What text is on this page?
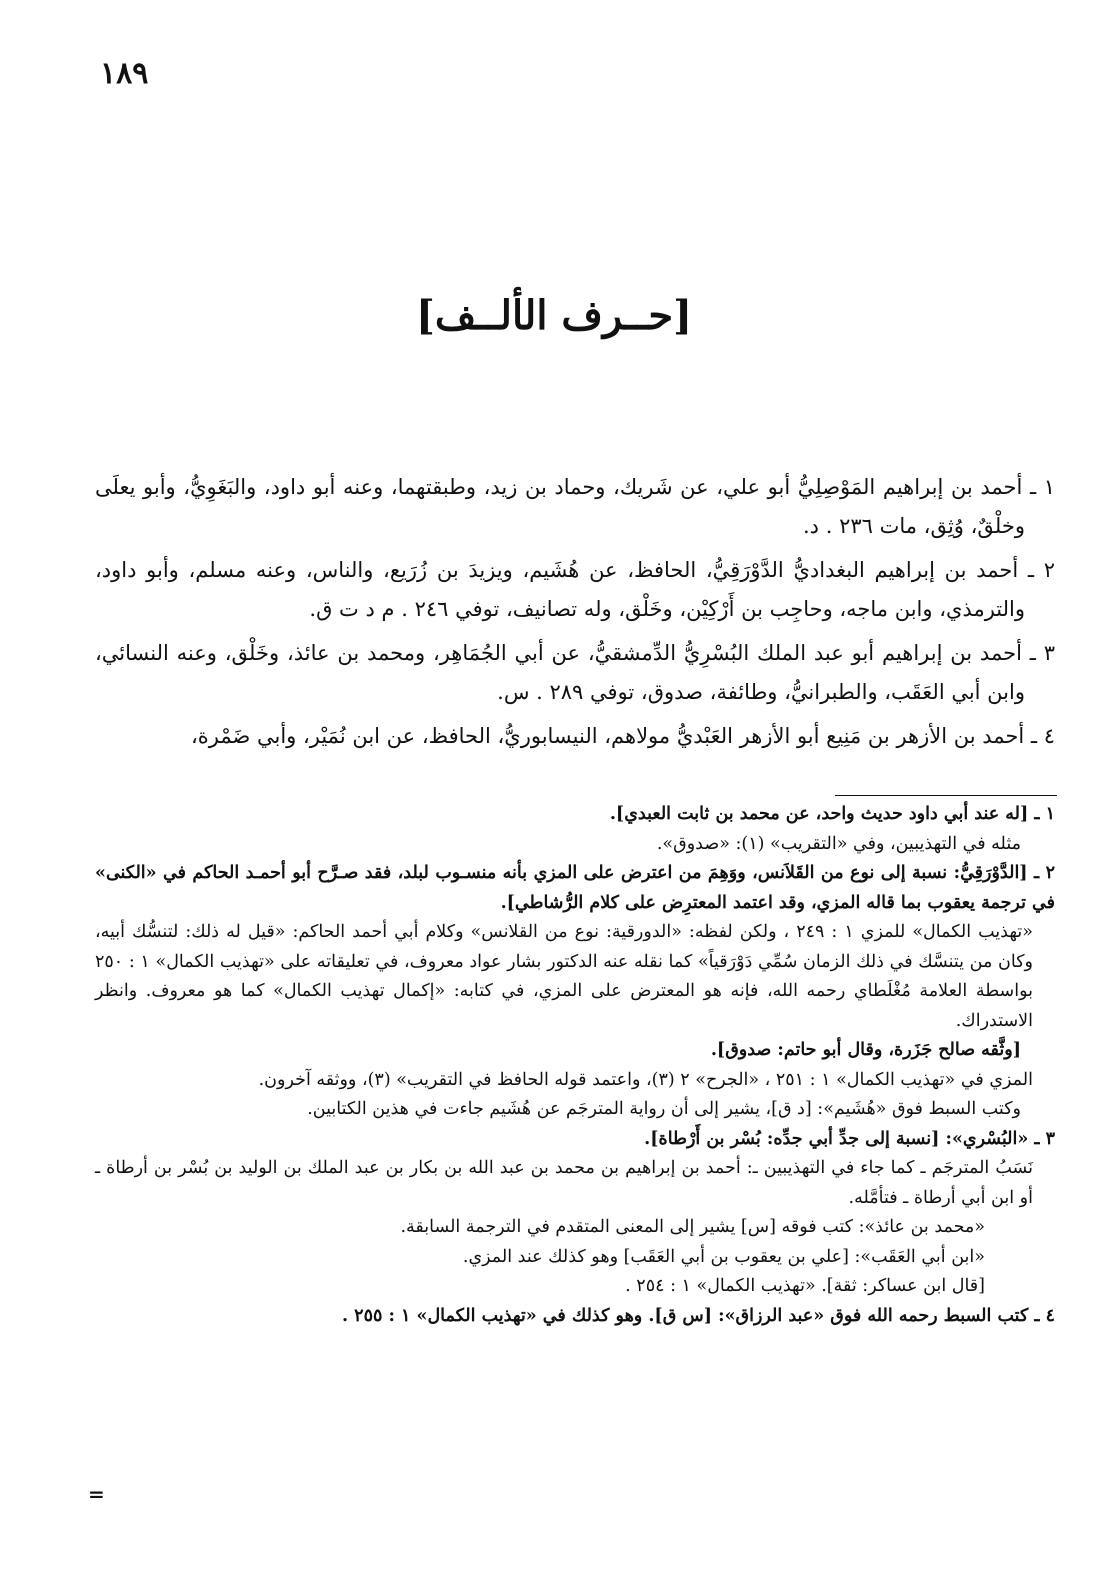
١٨٩
[حــرف الألــف]

١ ـ أحمد بن إبراهيم المَوْصِلِيُّ أبو علي، عن شَريك، وحماد بن زيد، وطبقتهما، وعنه أبو داود، والبَغَوِيُّ، وأبو يعلَى وخلْقٌ، وُثِق، مات ٢٣٦ . د.

٢ ـ أحمد بن إبراهيم البغداديُّ الدَّوْرَقِيُّ، الحافظ، عن هُشَيم، ويزيدَ بن زُرَيع، والناس، وعنه مسلم، وأبو داود، والترمذي، وابن ماجه، وحاجِب بن أَرْكِيْن، وخَلْق، وله تصانيف، توفي ٢٤٦ . م د ت ق.

٣ ـ أحمد بن إبراهيم أبو عبد الملك البُسْرِيُّ الدِّمشقيُّ، عن أبي الجُمَاهِر، ومحمد بن عائذ، وخَلْق، وعنه النسائي، وابن أبي العَقَب، والطبرانيُّ، وطائفة، صدوق، توفي ٢٨٩ . س.

٤ ـ أحمد بن الأزهر بن مَنِيع أبو الأزهر العَبْديُّ مولاهم، النيسابوريُّ، الحافظ، عن ابن نُمَيْر، وأبي ضَمْرة،

١ ـ [له عند أبي داود حديث واحد، عن محمد بن ثابت العبدي].

مثله في التهذيبين، وفي «التقريب» (١): «صدوق».

٢ ـ [الدَّوْرَقِيُّ: نسبة إلى نوع من القَلاَنس، ووَهِمَ من اعترض على المزي بأنه منسـوب لبلد، فقد صـرَّح أبو أحمـد الحاكم في «الكنى» في ترجمة يعقوب بما قاله المزي، وقد اعتمد المعترِض على كلام الرُّشاطي].

«تهذيب الكمال» للمزي ١ : ٢٤٩ ، ولكن لفظه: «الدورقية: نوع من القلانس» وكلام أبي أحمد الحاكم: «قيل له ذلك: لتنسُّك أبيه، وكان من يتنسَّك في ذلك الزمان سُمِّي دَوْرَقياً» كما نقله عنه الدكتور بشار عواد معروف، في تعليقاته على «تهذيب الكمال» ١ : ٢٥٠ بواسطة العلامة مُغْلَطاي رحمه الله، فإنه هو المعترض على المزي، في كتابه: «إكمال تهذيب الكمال» كما هو معروف. وانظر الاستدراك.

[وثَّقه صالح جَزَرة، وقال أبو حاتم: صدوق].

المزي في «تهذيب الكمال» ١ : ٢٥١ ، «الجرح» ٢ (٣)، واعتمد قوله الحافظ في التقريب» (٣)، ووثقه آخرون.

وكتب السبط فوق «هُشَيم»: [د ق]، يشير إلى أن رواية المترجَم عن هُشَيم جاءت في هذين الكتابين.

٣ ـ «البُسْري»: [نسبة إلى جدِّ أبي جدِّه: بُسْر بن أَرْطاة].

نَسَبُ المترجَم ـ كما جاء في التهذيبين ـ: أحمد بن إبراهيم بن محمد بن عبد الله بن بكار بن عبد الملك بن الوليد بن بُسْر بن أرطاة ـ أو ابن أبي أرطاة ـ فتأمَّله.

«محمد بن عائذ»: كتب فوقه [س] يشير إلى المعنى المتقدم في الترجمة السابقة.

«ابن أبي العَقَب»: [علي بن يعقوب بن أبي العَقَب] وهو كذلك عند المزي.

[قال ابن عساكر: ثقة]. «تهذيب الكمال» ١ : ٢٥٤ .

٤ ـ كتب السبط رحمه الله فوق «عبد الرزاق»: [س ق]. وهو كذلك في «تهذيب الكمال» ١ : ٢٥٥ .

=
